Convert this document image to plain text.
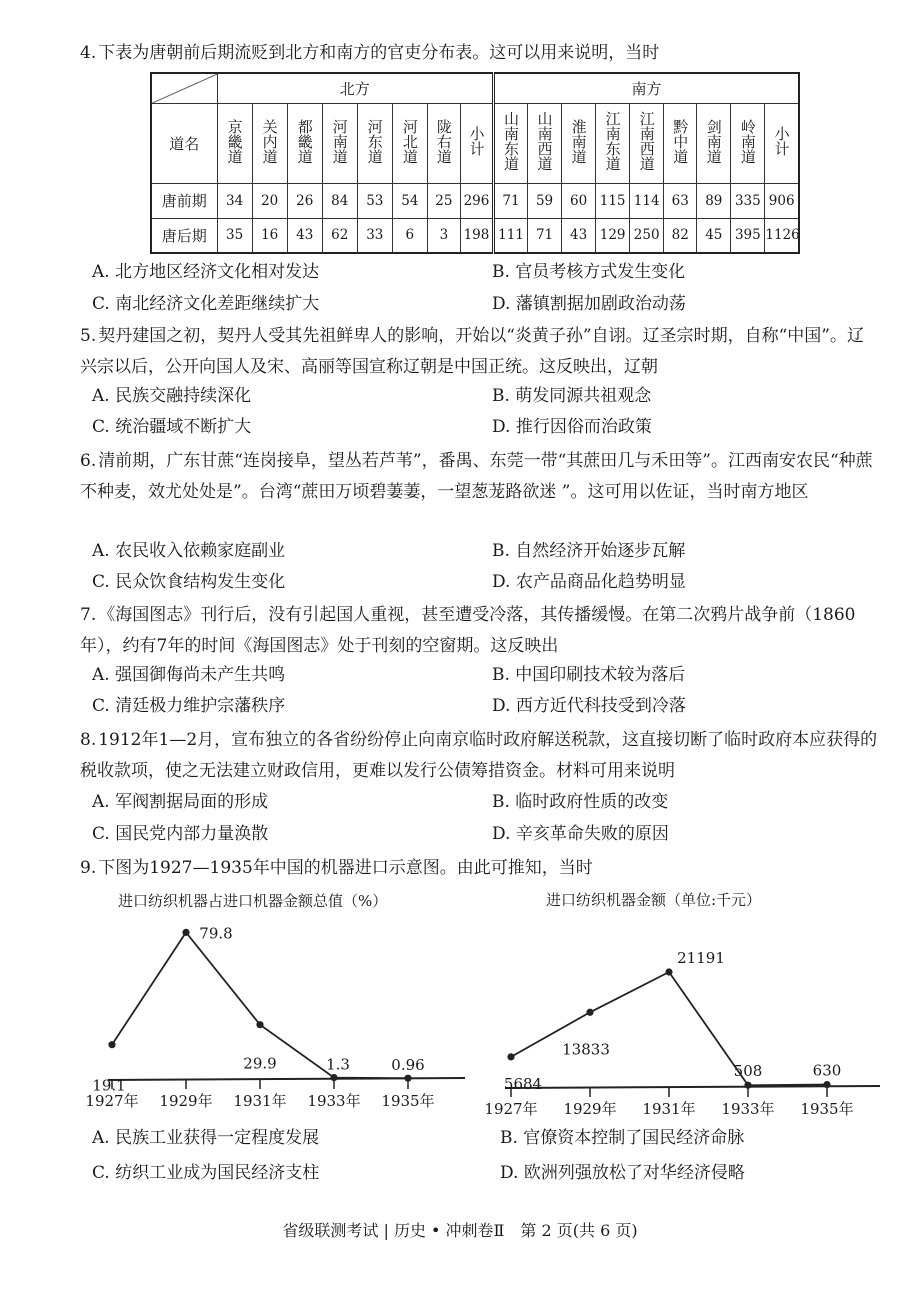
4. 下表为唐朝前后期流贬到北方和南方的官吏分布表。这可以用来说明，当时

	北方								南方								
道名	京畿道	关内道	都畿道	河南道	河东道	河北道	陇右道	小计	山南东道	山南西道	淮南道	江南东道	江南西道	黔中道	剑南道	岭南道	小计
唐前期	34	20	26	84	53	54	25	296	71	59	60	115	114	63	89	335	906
唐后期	35	16	43	62	33	6	3	198	111	71	43	129	250	82	45	395	1126
A. 北方地区经济文化相对发达	B. 官员考核方式发生变化
C. 南北经济文化差距继续扩大	D. 藩镇割据加剧政治动荡

5. 契丹建国之初，契丹人受其先祖鲜卑人的影响，开始以“炎黄子孙”自诩。辽圣宗时期，自称“中国”。辽兴宗以后，公开向国人及宋、高丽等国宣称辽朝是中国正统。这反映出，辽朝

A. 民族交融持续深化	B. 萌发同源共祖观念
C. 统治疆域不断扩大	D. 推行因俗而治政策

6. 清前期，广东甘蔗“连岗接阜，望丛若芦苇”，番禺、东莞一带“其蔗田几与禾田等”。江西南安农民“种蔗不种麦，效尤处处是”。台湾“蔗田万顷碧萋萋，一望葱茏路欲迷 ”。这可用以佐证，当时南方地区

A. 农民收入依赖家庭副业	B. 自然经济开始逐步瓦解
C. 民众饮食结构发生变化	D. 农产品商品化趋势明显

7. 《海国图志》刊行后，没有引起国人重视，甚至遭受冷落，其传播缓慢。在第二次鸦片战争前（1860年），约有7年的时间《海国图志》处于刊刻的空窗期。这反映出

A. 强国御侮尚未产生共鸣	B. 中国印刷技术较为落后
C. 清廷极力维护宗藩秩序	D. 西方近代科技受到冷落

8. 1912年1—2月，宣布独立的各省纷纷停止向南京临时政府解送税款，这直接切断了临时政府本应获得的税收款项，使之无法建立财政信用，更难以发行公债筹措资金。材料可用来说明

A. 军阀割据局面的形成	B. 临时政府性质的改变
C. 国民党内部力量涣散	D. 辛亥革命失败的原因

9. 下图为1927—1935年中国的机器进口示意图。由此可推知，当时

进口纺织机器占进口机器金额总值（%）	进口纺织机器金额（单位:千元）
1927年 1929年 1931年 1933年 1935年
19.1
79.8
29.9	1.3	0.96
1927年 1929年 1931年 1933年 1935年
5684
13833
21191
508	630
A. 民族工业获得一定程度发展	B. 官僚资本控制了国民经济命脉
C. 纺织工业成为国民经济支柱	D. 欧洲列强放松了对华经济侵略
省级联测考试 | 历史 • 冲刺卷Ⅱ　第 2 页(共 6 页)
